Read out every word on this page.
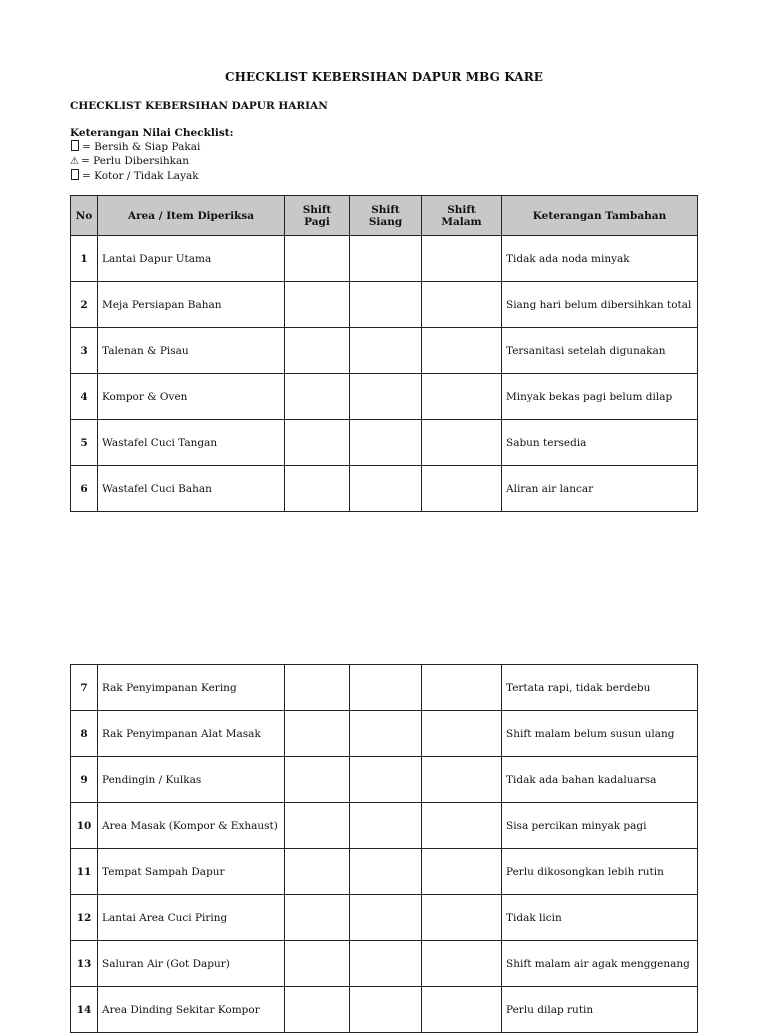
CHECKLIST KEBERSIHAN DAPUR MBG KARE
CHECKLIST KEBERSIHAN DAPUR HARIAN
Keterangan Nilai Checklist:
= Bersih & Siap Pakai
⚠ = Perlu Dibersihkan
= Kotor / Tidak Layak
No	Area / Item Diperiksa	Shift Pagi	Shift Siang	Shift Malam	Keterangan Tambahan
1	Lantai Dapur Utama				Tidak ada noda minyak
2	Meja Persiapan Bahan				Siang hari belum dibersihkan total
3	Talenan & Pisau				Tersanitasi setelah digunakan
4	Kompor & Oven				Minyak bekas pagi belum dilap
5	Wastafel Cuci Tangan				Sabun tersedia
6	Wastafel Cuci Bahan				Aliran air lancar
7	Rak Penyimpanan Kering				Tertata rapi, tidak berdebu
8	Rak Penyimpanan Alat Masak				Shift malam belum susun ulang
9	Pendingin / Kulkas				Tidak ada bahan kadaluarsa
10	Area Masak (Kompor & Exhaust)				Sisa percikan minyak pagi
11	Tempat Sampah Dapur				Perlu dikosongkan lebih rutin
12	Lantai Area Cuci Piring				Tidak licin
13	Saluran Air (Got Dapur)				Shift malam air agak menggenang
14	Area Dinding Sekitar Kompor				Perlu dilap rutin
